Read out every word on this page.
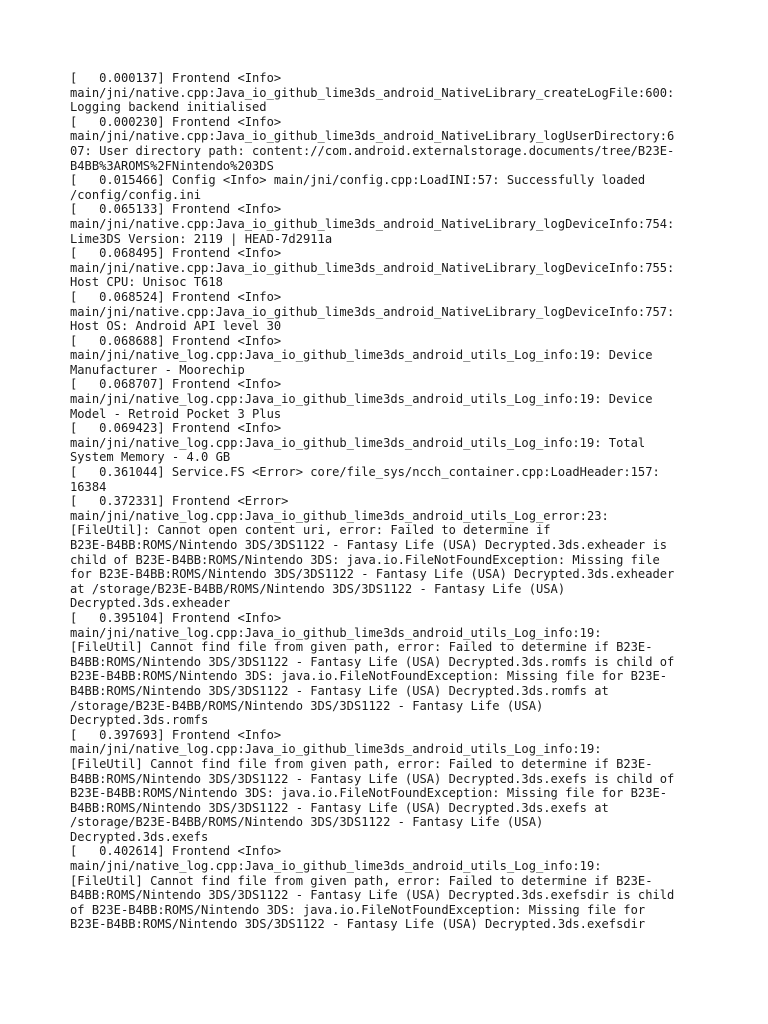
[   0.000137] Frontend <Info>
main/jni/native.cpp:Java_io_github_lime3ds_android_NativeLibrary_createLogFile:600:
Logging backend initialised
[   0.000230] Frontend <Info>
main/jni/native.cpp:Java_io_github_lime3ds_android_NativeLibrary_logUserDirectory:6
07: User directory path: content://com.android.externalstorage.documents/tree/B23E-
B4BB%3AROMS%2FNintendo%203DS
[   0.015466] Config <Info> main/jni/config.cpp:LoadINI:57: Successfully loaded
/config/config.ini
[   0.065133] Frontend <Info>
main/jni/native.cpp:Java_io_github_lime3ds_android_NativeLibrary_logDeviceInfo:754:
Lime3DS Version: 2119 | HEAD-7d2911a
[   0.068495] Frontend <Info>
main/jni/native.cpp:Java_io_github_lime3ds_android_NativeLibrary_logDeviceInfo:755:
Host CPU: Unisoc T618
[   0.068524] Frontend <Info>
main/jni/native.cpp:Java_io_github_lime3ds_android_NativeLibrary_logDeviceInfo:757:
Host OS: Android API level 30
[   0.068688] Frontend <Info>
main/jni/native_log.cpp:Java_io_github_lime3ds_android_utils_Log_info:19: Device
Manufacturer - Moorechip
[   0.068707] Frontend <Info>
main/jni/native_log.cpp:Java_io_github_lime3ds_android_utils_Log_info:19: Device
Model - Retroid Pocket 3 Plus
[   0.069423] Frontend <Info>
main/jni/native_log.cpp:Java_io_github_lime3ds_android_utils_Log_info:19: Total
System Memory - 4.0 GB
[   0.361044] Service.FS <Error> core/file_sys/ncch_container.cpp:LoadHeader:157:
16384
[   0.372331] Frontend <Error>
main/jni/native_log.cpp:Java_io_github_lime3ds_android_utils_Log_error:23:
[FileUtil]: Cannot open content uri, error: Failed to determine if
B23E-B4BB:ROMS/Nintendo 3DS/3DS1122 - Fantasy Life (USA) Decrypted.3ds.exheader is
child of B23E-B4BB:ROMS/Nintendo 3DS: java.io.FileNotFoundException: Missing file
for B23E-B4BB:ROMS/Nintendo 3DS/3DS1122 - Fantasy Life (USA) Decrypted.3ds.exheader
at /storage/B23E-B4BB/ROMS/Nintendo 3DS/3DS1122 - Fantasy Life (USA)
Decrypted.3ds.exheader
[   0.395104] Frontend <Info>
main/jni/native_log.cpp:Java_io_github_lime3ds_android_utils_Log_info:19:
[FileUtil] Cannot find file from given path, error: Failed to determine if B23E-
B4BB:ROMS/Nintendo 3DS/3DS1122 - Fantasy Life (USA) Decrypted.3ds.romfs is child of
B23E-B4BB:ROMS/Nintendo 3DS: java.io.FileNotFoundException: Missing file for B23E-
B4BB:ROMS/Nintendo 3DS/3DS1122 - Fantasy Life (USA) Decrypted.3ds.romfs at
/storage/B23E-B4BB/ROMS/Nintendo 3DS/3DS1122 - Fantasy Life (USA)
Decrypted.3ds.romfs
[   0.397693] Frontend <Info>
main/jni/native_log.cpp:Java_io_github_lime3ds_android_utils_Log_info:19:
[FileUtil] Cannot find file from given path, error: Failed to determine if B23E-
B4BB:ROMS/Nintendo 3DS/3DS1122 - Fantasy Life (USA) Decrypted.3ds.exefs is child of
B23E-B4BB:ROMS/Nintendo 3DS: java.io.FileNotFoundException: Missing file for B23E-
B4BB:ROMS/Nintendo 3DS/3DS1122 - Fantasy Life (USA) Decrypted.3ds.exefs at
/storage/B23E-B4BB/ROMS/Nintendo 3DS/3DS1122 - Fantasy Life (USA)
Decrypted.3ds.exefs
[   0.402614] Frontend <Info>
main/jni/native_log.cpp:Java_io_github_lime3ds_android_utils_Log_info:19:
[FileUtil] Cannot find file from given path, error: Failed to determine if B23E-
B4BB:ROMS/Nintendo 3DS/3DS1122 - Fantasy Life (USA) Decrypted.3ds.exefsdir is child
of B23E-B4BB:ROMS/Nintendo 3DS: java.io.FileNotFoundException: Missing file for
B23E-B4BB:ROMS/Nintendo 3DS/3DS1122 - Fantasy Life (USA) Decrypted.3ds.exefsdir
